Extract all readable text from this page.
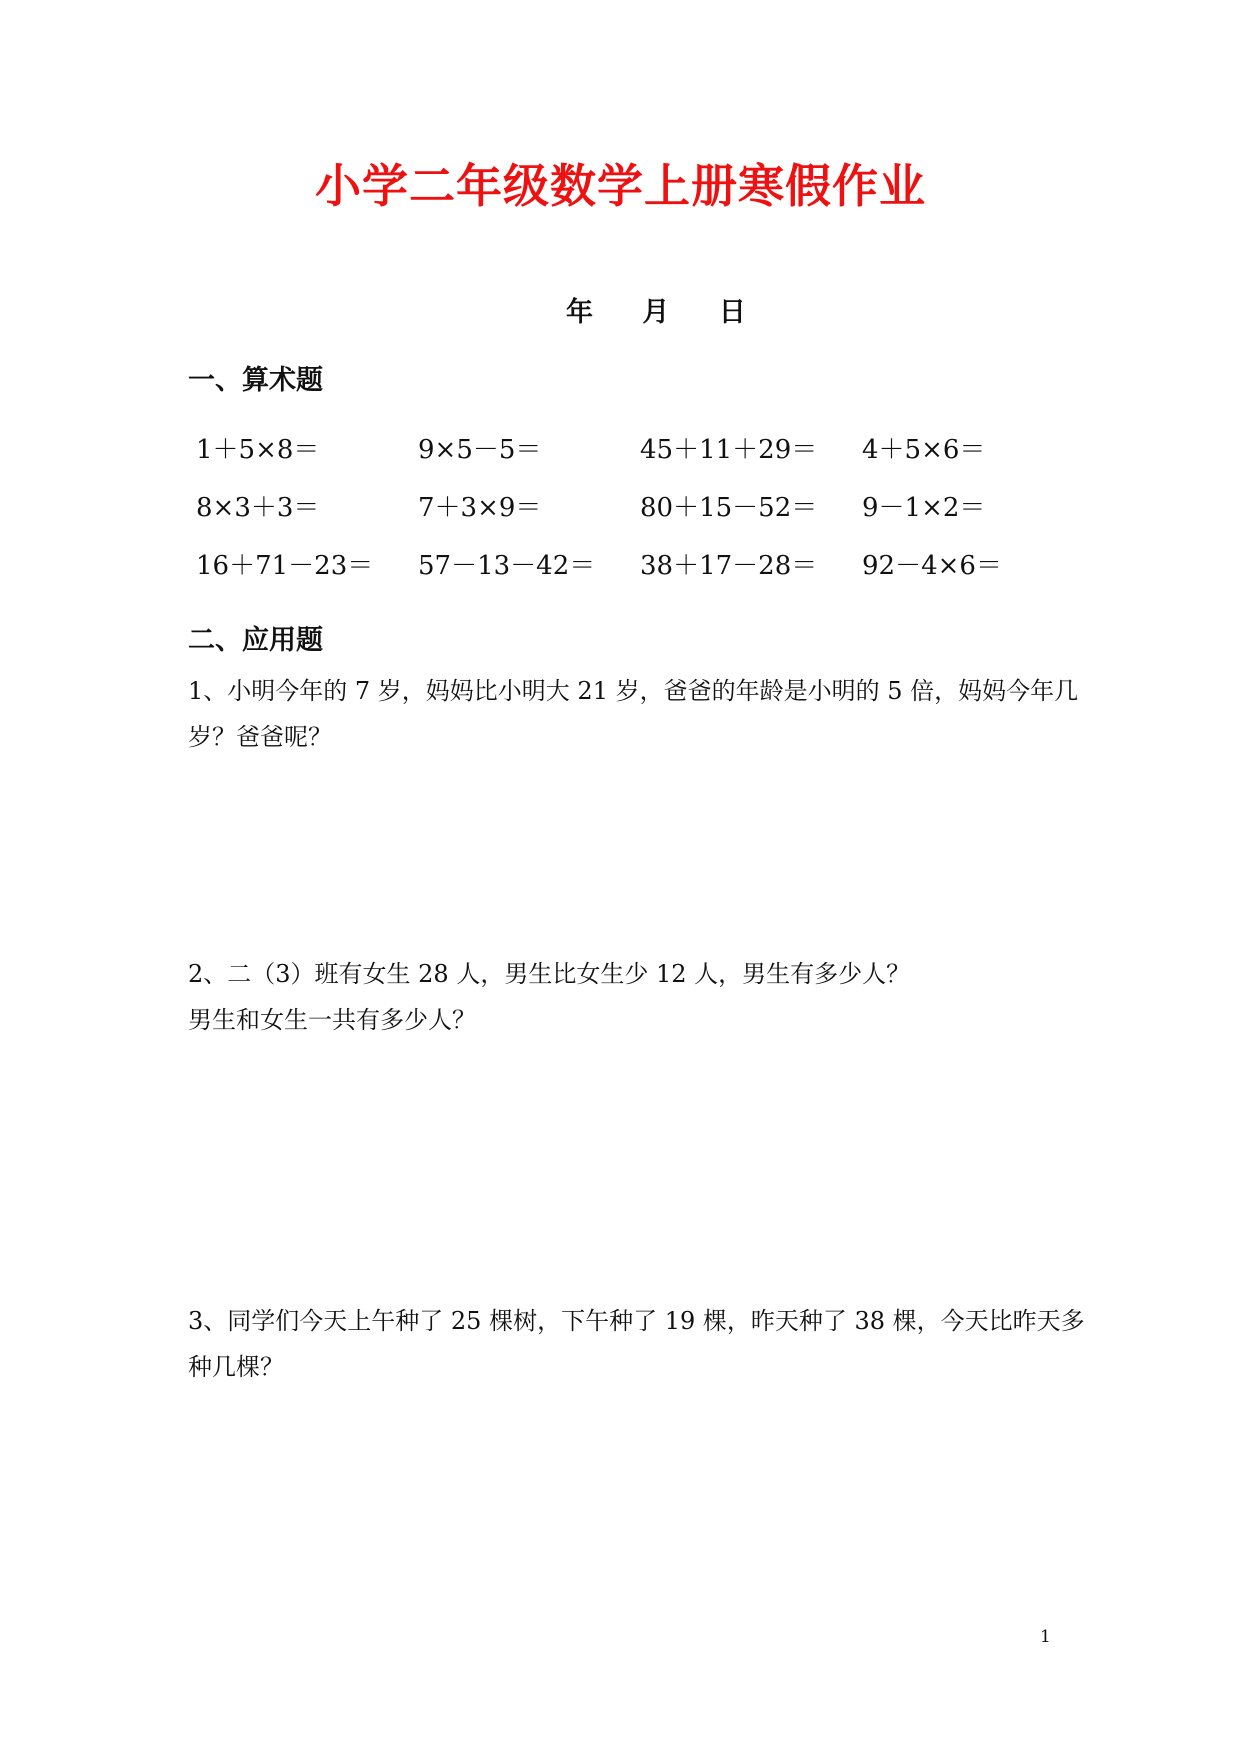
小学二年级数学上册寒假作业
年 月 日
一、算术题
1＋5×8＝	9×5－5＝	45＋11＋29＝	4＋5×6＝
8×3＋3＝	7＋3×9＝	80＋15－52＝	9－1×2＝
16＋71－23＝	57－13－42＝	38＋17－28＝	92－4×6＝
二、应用题
1、小明今年的 7 岁，妈妈比小明大 21 岁，爸爸的年龄是小明的 5 倍，妈妈今年几
岁？爸爸呢？
2、二（3）班有女生 28 人，男生比女生少 12 人，男生有多少人？
男生和女生一共有多少人？
3、同学们今天上午种了 25 棵树，下午种了 19 棵，昨天种了 38 棵，今天比昨天多
种几棵？
1
